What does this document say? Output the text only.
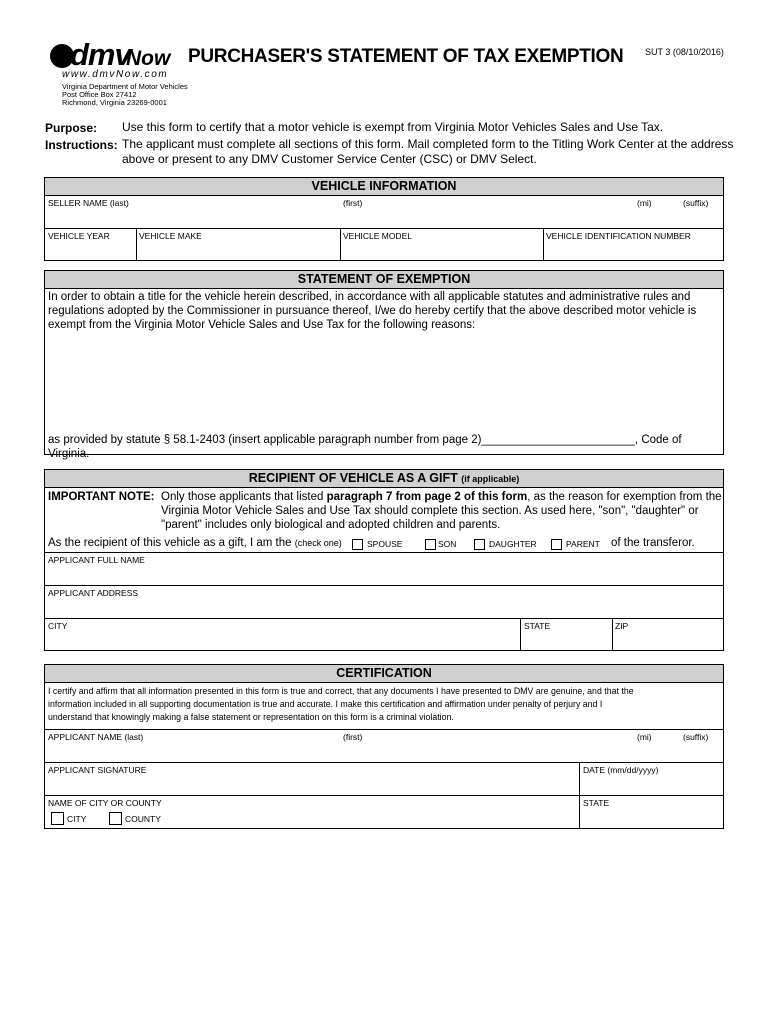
dmv
Now
www.dmvNow.com
Virginia Department of Motor Vehicles
Post Office Box 27412
Richmond, Virginia 23269-0001
PURCHASER'S STATEMENT OF TAX EXEMPTION SUT 3 (08/10/2016)
Purpose: Use this form to certify that a motor vehicle is exempt from Virginia Motor Vehicles Sales and Use Tax.
Instructions: The applicant must complete all sections of this form. Mail completed form to the Titling Work Center at the address
above or present to any DMV Customer Service Center (CSC) or DMV Select.
VEHICLE INFORMATION
SELLER NAME (last)	(first)	(mi)	(suffix)
VEHICLE YEAR	VEHICLE MAKE	VEHICLE MODEL	VEHICLE IDENTIFICATION NUMBER
STATEMENT OF EXEMPTION
In order to obtain a title for the vehicle herein described, in accordance with all applicable statutes and administrative rules and
regulations adopted by the Commissioner in pursuance thereof, I/we do hereby certify that the above described motor vehicle is
exempt from the Virginia Motor Vehicle Sales and Use Tax for the following reasons:
as provided by statute § 58.1-2403 (insert applicable paragraph number from page 2)________________________, Code of Virginia.
RECIPIENT OF VEHICLE AS A GIFT (if applicable)
IMPORTANT NOTE: Only those applicants that listed paragraph 7 from page 2 of this form, as the reason for exemption from the
Virginia Motor Vehicle Sales and Use Tax should complete this section. As used here, "son", "daughter" or
"parent" includes only biological and adopted children and parents.
As the recipient of this vehicle as a gift, I am the (check one)	SPOUSE	SON	DAUGHTER	PARENT of the transferor.
APPLICANT FULL NAME
APPLICANT ADDRESS
CITY	STATE	ZIP
CERTIFICATION
I certify and affirm that all information presented in this form is true and correct, that any documents I have presented to DMV are genuine, and that the
information included in all supporting documentation is true and accurate. I make this certification and affirmation under penalty of perjury and I
understand that knowingly making a false statement or representation on this form is a criminal violation.
APPLICANT NAME (last)	(first)	(mi)	(suffix)
APPLICANT SIGNATURE	DATE (mm/dd/yyyy)
NAME OF CITY OR COUNTY	STATE
CITY	COUNTY
